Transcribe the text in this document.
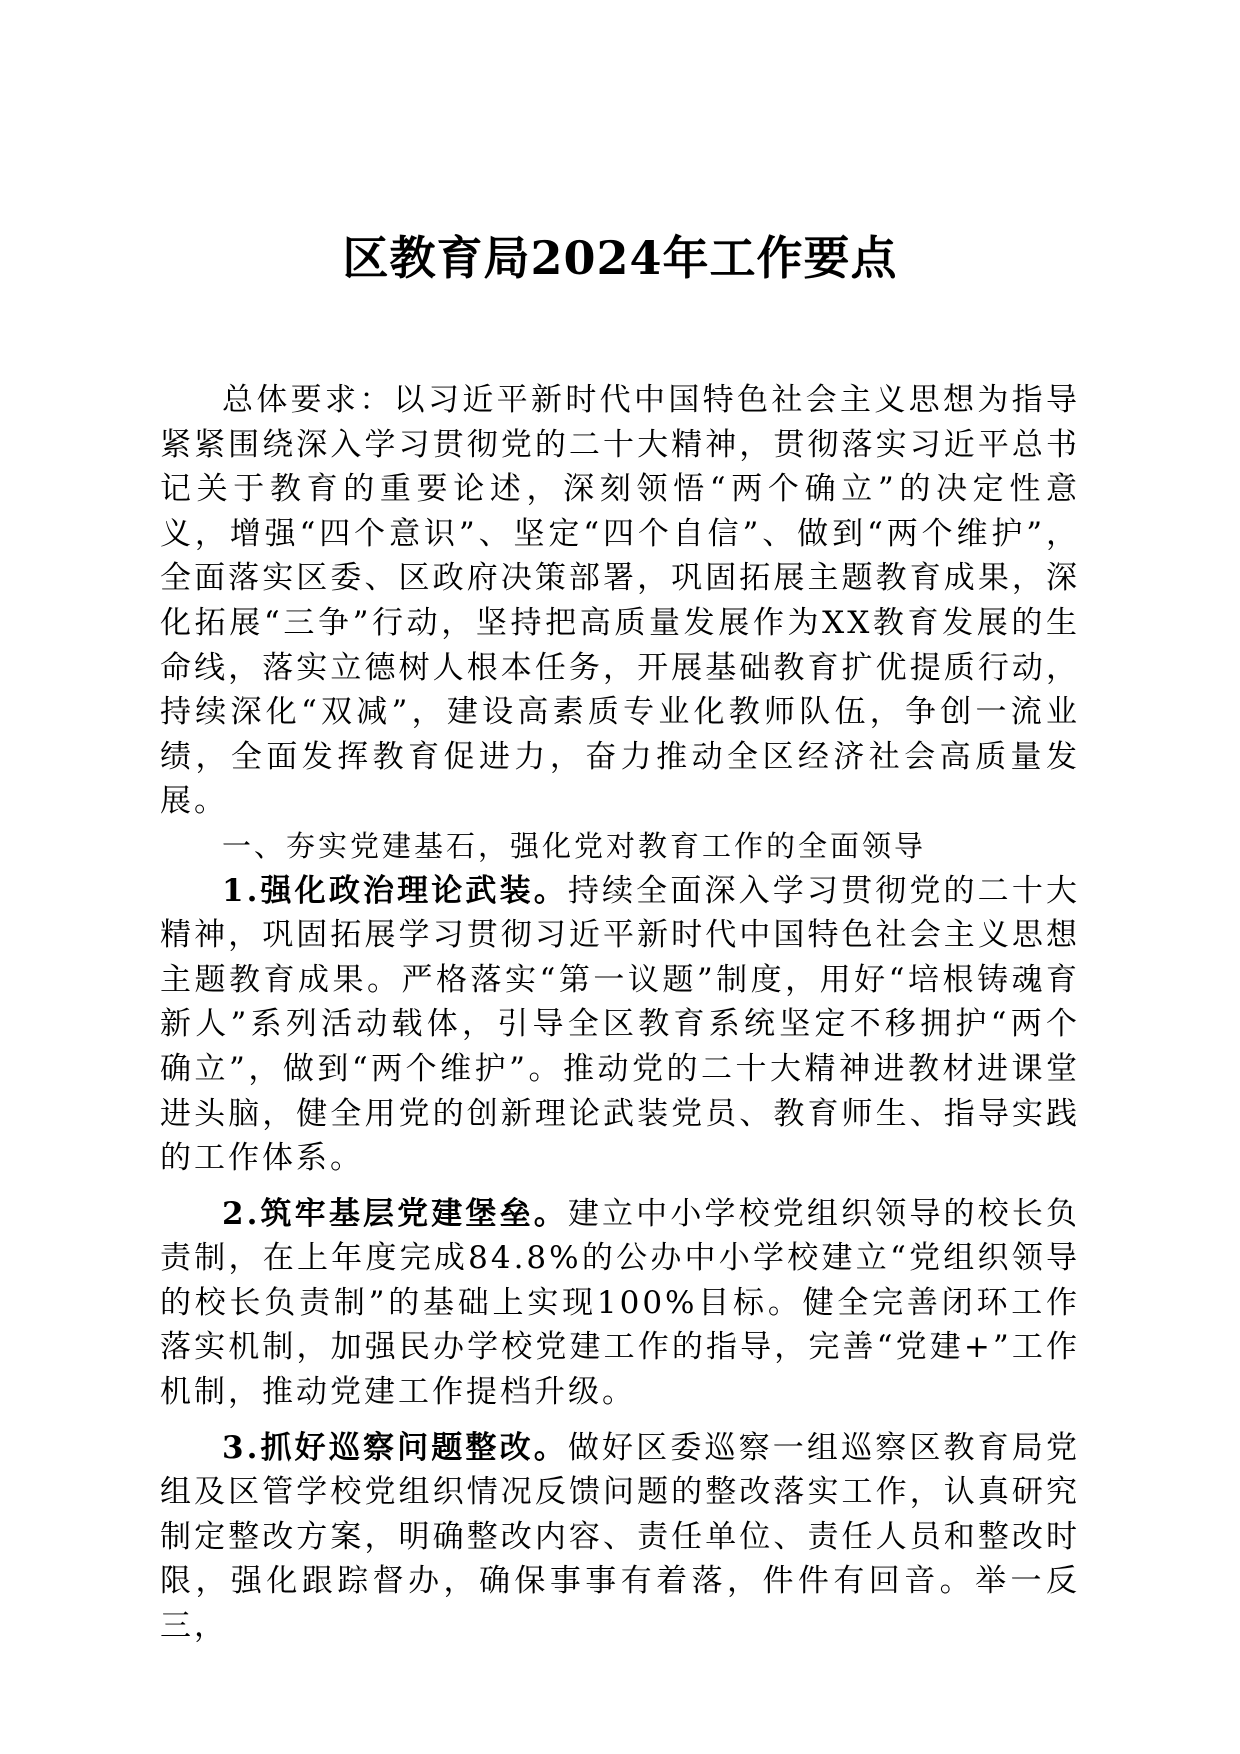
区教育局2024年工作要点

总体要求：以习近平新时代中国特色社会主义思想为指导紧紧围绕深入学习贯彻党的二十大精神，贯彻落实习近平总书记关于教育的重要论述，深刻领悟“两个确立”的决定性意义，增强“四个意识”、坚定“四个自信”、做到“两个维护”，全面落实区委、区政府决策部署，巩固拓展主题教育成果，深化拓展“三争”行动，坚持把高质量发展作为XX教育发展的生命线，落实立德树人根本任务，开展基础教育扩优提质行动，持续深化“双减”，建设高素质专业化教师队伍，争创一流业绩，全面发挥教育促进力，奋力推动全区经济社会高质量发展。

一、夯实党建基石，强化党对教育工作的全面领导

1.强化政治理论武装。持续全面深入学习贯彻党的二十大精神，巩固拓展学习贯彻习近平新时代中国特色社会主义思想主题教育成果。严格落实“第一议题”制度，用好“培根铸魂育新人”系列活动载体，引导全区教育系统坚定不移拥护“两个确立”，做到“两个维护”。推动党的二十大精神进教材进课堂进头脑，健全用党的创新理论武装党员、教育师生、指导实践的工作体系。

2.筑牢基层党建堡垒。建立中小学校党组织领导的校长负责制，在上年度完成84.8%的公办中小学校建立“党组织领导的校长负责制”的基础上实现100%目标。健全完善闭环工作落实机制，加强民办学校党建工作的指导，完善“党建+”工作机制，推动党建工作提档升级。

3.抓好巡察问题整改。做好区委巡察一组巡察区教育局党组及区管学校党组织情况反馈问题的整改落实工作，认真研究制定整改方案，明确整改内容、责任单位、责任人员和整改时限，强化跟踪督办，确保事事有着落，件件有回音。举一反三，
